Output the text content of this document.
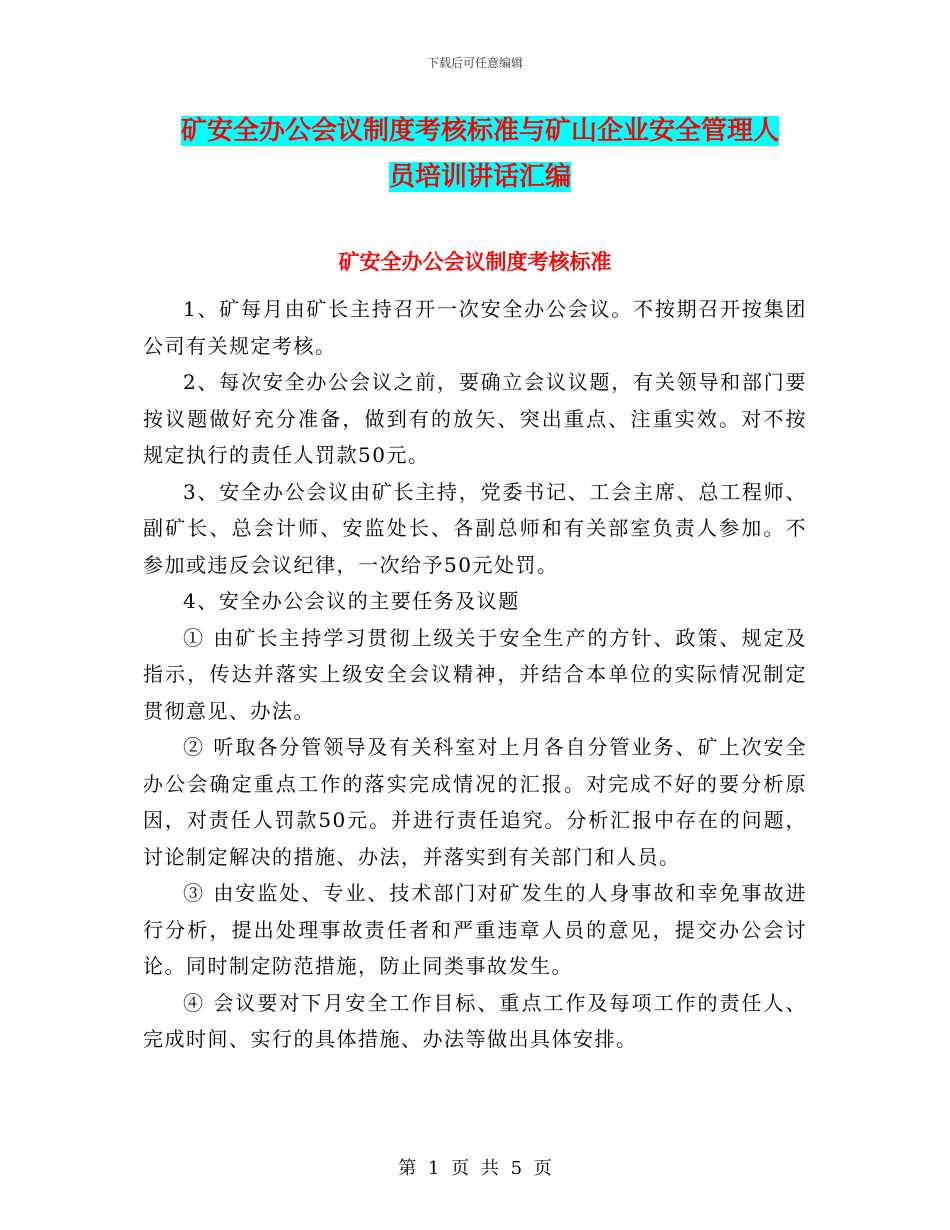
下载后可任意编辑
矿安全办公会议制度考核标准与矿山企业安全管理人
员培训讲话汇编
矿安全办公会议制度考核标准

1、矿每月由矿长主持召开一次安全办公会议。不按期召开按集团公司有关规定考核。

2、每次安全办公会议之前，要确立会议议题，有关领导和部门要按议题做好充分准备，做到有的放矢、突出重点、注重实效。对不按规定执行的责任人罚款50元。

3、安全办公会议由矿长主持，党委书记、工会主席、总工程师、副矿长、总会计师、安监处长、各副总师和有关部室负责人参加。不参加或违反会议纪律，一次给予50元处罚。

4、安全办公会议的主要任务及议题

① 由矿长主持学习贯彻上级关于安全生产的方针、政策、规定及指示，传达并落实上级安全会议精神，并结合本单位的实际情况制定贯彻意见、办法。

② 听取各分管领导及有关科室对上月各自分管业务、矿上次安全办公会确定重点工作的落实完成情况的汇报。对完成不好的要分析原因，对责任人罚款50元。并进行责任追究。分析汇报中存在的问题，讨论制定解决的措施、办法，并落实到有关部门和人员。

③ 由安监处、专业、技术部门对矿发生的人身事故和幸免事故进行分析，提出处理事故责任者和严重违章人员的意见，提交办公会讨论。同时制定防范措施，防止同类事故发生。

④ 会议要对下月安全工作目标、重点工作及每项工作的责任人、完成时间、实行的具体措施、办法等做出具体安排。

第 1 页 共 5 页
